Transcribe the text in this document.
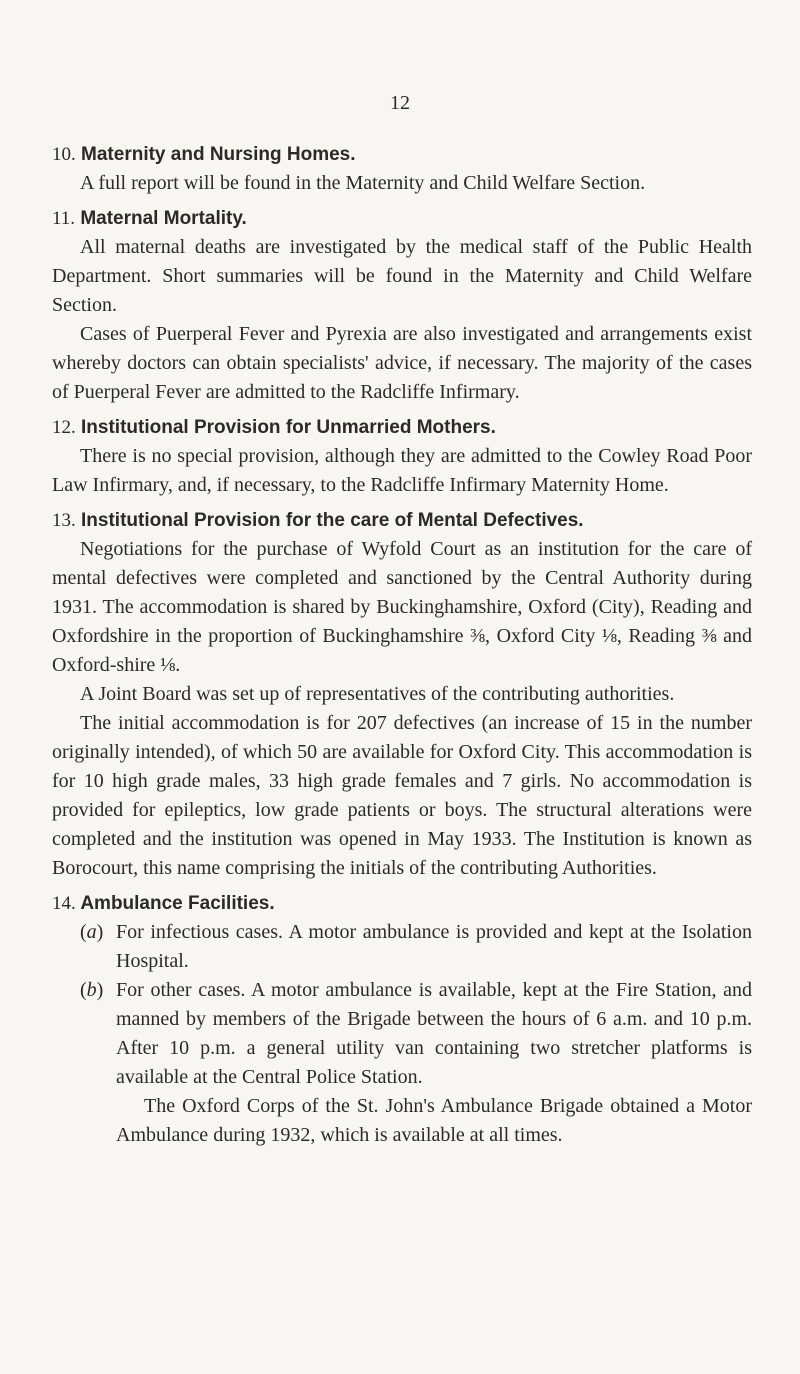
12
10. Maternity and Nursing Homes.

A full report will be found in the Maternity and Child Welfare Section.

11. Maternal Mortality.

All maternal deaths are investigated by the medical staff of the Public Health Department. Short summaries will be found in the Maternity and Child Welfare Section.

Cases of Puerperal Fever and Pyrexia are also investigated and arrangements exist whereby doctors can obtain specialists' advice, if necessary. The majority of the cases of Puerperal Fever are admitted to the Radcliffe Infirmary.

12. Institutional Provision for Unmarried Mothers.

There is no special provision, although they are admitted to the Cowley Road Poor Law Infirmary, and, if necessary, to the Radcliffe Infirmary Maternity Home.

13. Institutional Provision for the care of Mental Defectives.

Negotiations for the purchase of Wyfold Court as an institution for the care of mental defectives were completed and sanctioned by the Central Authority during 1931. The accommodation is shared by Buckinghamshire, Oxford (City), Reading and Oxfordshire in the proportion of Buckinghamshire ⅜, Oxford City ⅛, Reading ⅜ and Oxford-shire ⅛.

A Joint Board was set up of representatives of the contributing authorities.

The initial accommodation is for 207 defectives (an increase of 15 in the number originally intended), of which 50 are available for Oxford City. This accommodation is for 10 high grade males, 33 high grade females and 7 girls. No accommodation is provided for epileptics, low grade patients or boys. The structural alterations were completed and the institution was opened in May 1933. The Institution is known as Borocourt, this name comprising the initials of the contributing Authorities.

14. Ambulance Facilities.
(a) For infectious cases. A motor ambulance is provided and kept at the Isolation Hospital.
(b) For other cases. A motor ambulance is available, kept at the Fire Station, and manned by members of the Brigade between the hours of 6 a.m. and 10 p.m. After 10 p.m. a general utility van containing two stretcher platforms is available at the Central Police Station.

The Oxford Corps of the St. John's Ambulance Brigade obtained a Motor Ambulance during 1932, which is available at all times.
